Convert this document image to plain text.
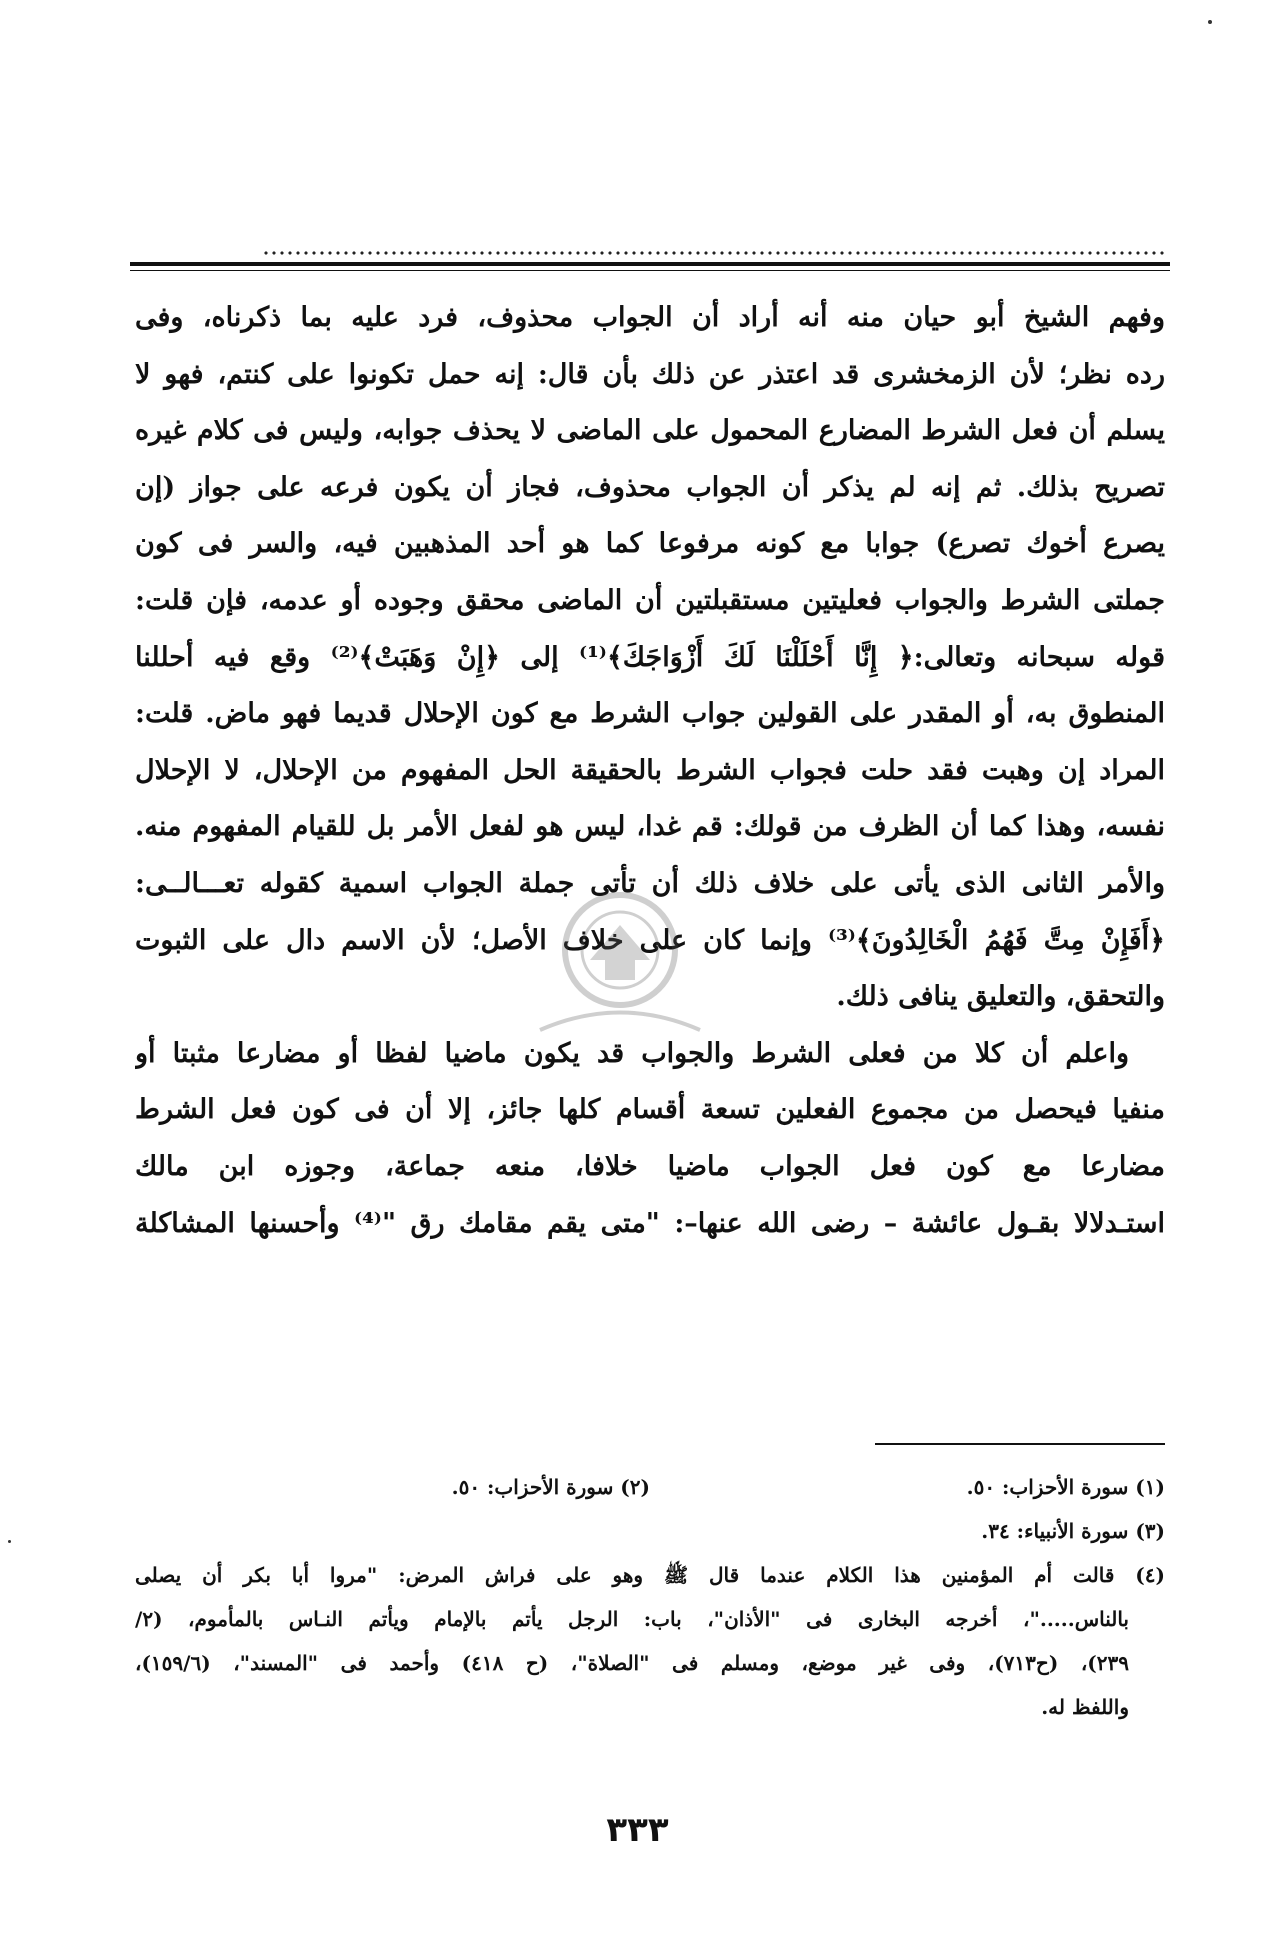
وفهم الشيخ أبو حيان منه أنه أراد أن الجواب محذوف، فرد عليه بما ذكرناه، وفى
رده نظر؛ لأن الزمخشرى قد اعتذر عن ذلك بأن قال: إنه حمل تكونوا على كنتم، فهو لا
يسلم أن فعل الشرط المضارع المحمول على الماضى لا يحذف جوابه، وليس فى كلام غيره
تصريح بذلك. ثم إنه لم يذكر أن الجواب محذوف، فجاز أن يكون فرعه على جواز (إن
يصرع أخوك تصرع) جوابا مع كونه مرفوعا كما هو أحد المذهبين فيه، والسر فى كون
جملتى الشرط والجواب فعليتين مستقبلتين أن الماضى محقق وجوده أو عدمه، فإن قلت:
قوله سبحانه وتعالى:﴿ إِنَّا أَحْلَلْنَا لَكَ أَزْوَاجَكَ﴾⁽¹⁾ إلى ﴿إِنْ وَهَبَتْ﴾⁽²⁾ وقع فيه أحللنا
المنطوق به، أو المقدر على القولين جواب الشرط مع كون الإحلال قديما فهو ماض. قلت:
المراد إن وهبت فقد حلت فجواب الشرط بالحقيقة الحل المفهوم من الإحلال، لا الإحلال
نفسه، وهذا كما أن الظرف من قولك: قم غدا، ليس هو لفعل الأمر بل للقيام المفهوم منه.
والأمر الثانى الذى يأتى على خلاف ذلك أن تأتى جملة الجواب اسمية كقوله تعـــالــى:
﴿أَفَإِنْ مِتَّ فَهُمُ الْخَالِدُونَ﴾⁽³⁾ وإنما كان على خلاف الأصل؛ لأن الاسم دال على الثبوت
والتحقق، والتعليق ينافى ذلك.
واعلم أن كلا من فعلى الشرط والجواب قد يكون ماضيا لفظا أو مضارعا مثبتا أو
منفيا فيحصل من مجموع الفعلين تسعة أقسام كلها جائز، إلا أن فى كون فعل الشرط
مضارعا مع كون فعل الجواب ماضيا خلافا، منعه جماعة، وجوزه ابن مالك
استـدلالا بقـول عائشة – رضى الله عنها–: "متى يقم مقامك رق "⁽⁴⁾ وأحسنها المشاكلة
(١) سورة الأحزاب: ٥٠.
(٢) سورة الأحزاب: ٥٠.
(٣) سورة الأنبياء: ٣٤.
(٤) قالت أم المؤمنين هذا الكلام عندما قال ﷺ وهو على فراش المرض: "مروا أبا بكر أن يصلى
بالناس....."، أخرجه البخارى فى "الأذان"، باب: الرجل يأتم بالإمام ويأتم النـاس بالمأموم، (٢/
٢٣٩)، (ح٧١٣)، وفى غير موضع، ومسلم فى "الصلاة"، (ح ٤١٨) وأحمد فى "المسند"، (١٥٩/٦)،
واللفظ له.
٣٣٣
